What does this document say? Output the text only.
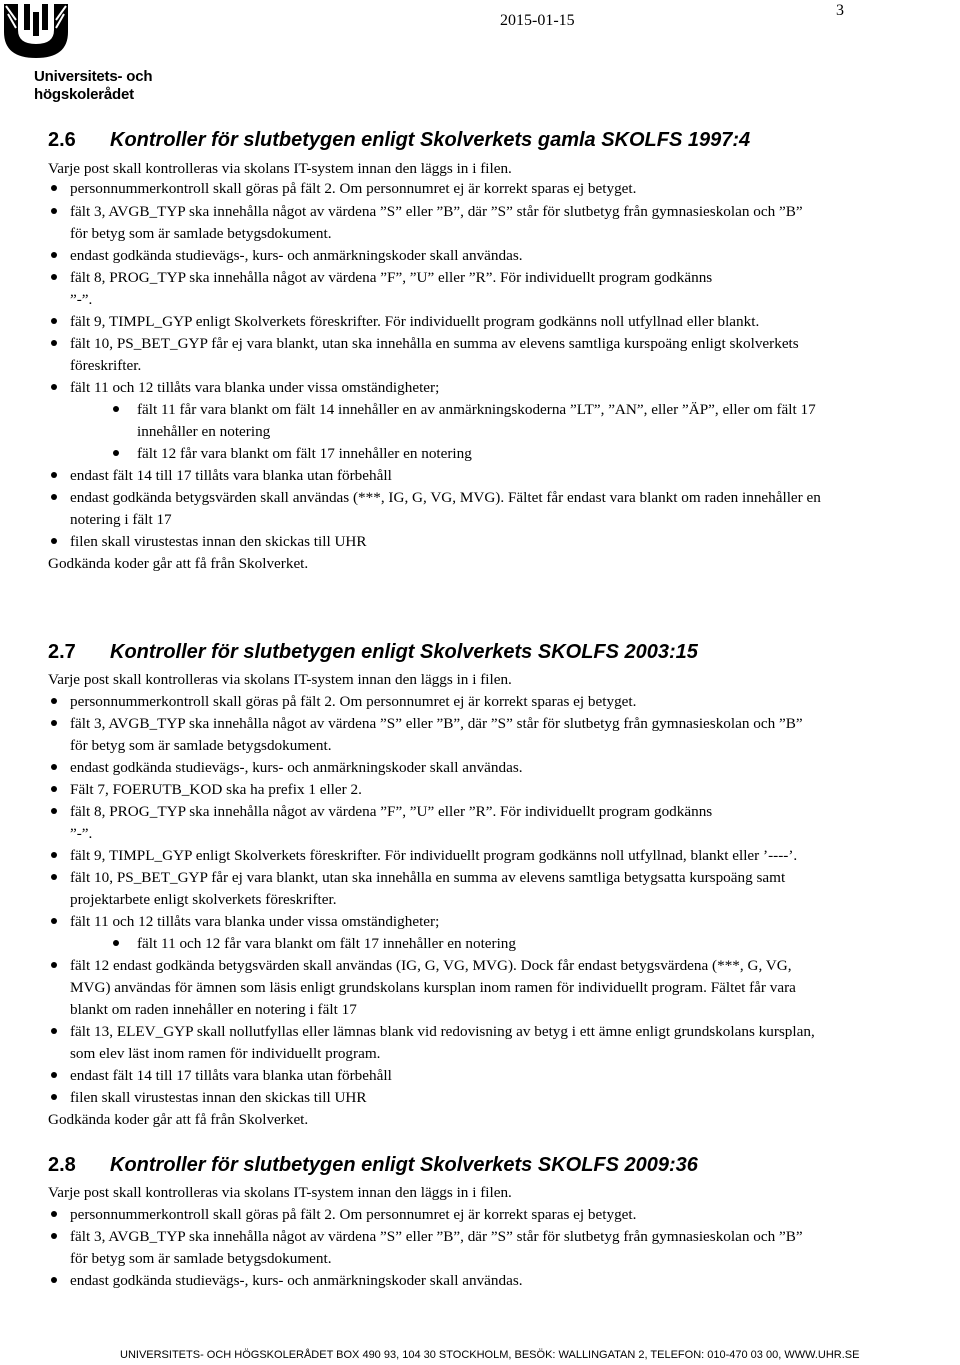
Universitets- och
högskolerådet
2015-01-15
3
2.6 Kontroller för slutbetygen enligt Skolverkets gamla SKOLFS 1997:4
Varje post skall kontrolleras via skolans IT-system innan den läggs in i filen.
personnummerkontroll skall göras på fält 2. Om personnumret ej är korrekt sparas ej betyget.
fält 3, AVGB_TYP ska innehålla något av värdena ”S” eller ”B”, där ”S” står för slutbetyg från gymnasieskolan och ”B”
för betyg som är samlade betygsdokument.
endast godkända studievägs-, kurs- och anmärkningskoder skall användas.
fält 8, PROG_TYP ska innehålla något av värdena ”F”, ”U” eller ”R”. För individuellt program godkänns
”-”.
fält 9, TIMPL_GYP enligt Skolverkets föreskrifter. För individuellt program godkänns noll utfyllnad eller blankt.
fält 10, PS_BET_GYP får ej vara blankt, utan ska innehålla en summa av elevens samtliga kurspoäng enligt skolverkets
föreskrifter.
fält 11 och 12 tillåts vara blanka under vissa omständigheter;
fält 11 får vara blankt om fält 14 innehåller en av anmärkningskoderna ”LT”, ”AN”, eller ”ÄP”, eller om fält 17
innehåller en notering
fält 12 får vara blankt om fält 17 innehåller en notering
endast fält 14 till 17 tillåts vara blanka utan förbehåll
endast godkända betygsvärden skall användas (***, IG, G, VG, MVG). Fältet får endast vara blankt om raden innehåller en
notering i fält 17
filen skall virustestas innan den skickas till UHR
Godkända koder går att få från Skolverket.
2.7 Kontroller för slutbetygen enligt Skolverkets SKOLFS 2003:15
Varje post skall kontrolleras via skolans IT-system innan den läggs in i filen.
personnummerkontroll skall göras på fält 2. Om personnumret ej är korrekt sparas ej betyget.
fält 3, AVGB_TYP ska innehålla något av värdena ”S” eller ”B”, där ”S” står för slutbetyg från gymnasieskolan och ”B”
för betyg som är samlade betygsdokument.
endast godkända studievägs-, kurs- och anmärkningskoder skall användas.
Fält 7, FOERUTB_KOD ska ha prefix 1 eller 2.
fält 8, PROG_TYP ska innehålla något av värdena ”F”, ”U” eller ”R”. För individuellt program godkänns
”-”.
fält 9, TIMPL_GYP enligt Skolverkets föreskrifter. För individuellt program godkänns noll utfyllnad, blankt eller ’----’.
fält 10, PS_BET_GYP får ej vara blankt, utan ska innehålla en summa av elevens samtliga betygsatta kurspoäng samt
projektarbete enligt skolverkets föreskrifter.
fält 11 och 12 tillåts vara blanka under vissa omständigheter;
fält 11 och 12 får vara blankt om fält 17 innehåller en notering
fält 12 endast godkända betygsvärden skall användas (IG, G, VG, MVG). Dock får endast betygsvärdena (***, G, VG,
MVG) användas för ämnen som läsis enligt grundskolans kursplan inom ramen för individuellt program. Fältet får vara
blankt om raden innehåller en notering i fält 17
fält 13, ELEV_GYP skall nollutfyllas eller lämnas blank vid redovisning av betyg i ett ämne enligt grundskolans kursplan,
som elev läst inom ramen för individuellt program.
endast fält 14 till 17 tillåts vara blanka utan förbehåll
filen skall virustestas innan den skickas till UHR
Godkända koder går att få från Skolverket.
2.8 Kontroller för slutbetygen enligt Skolverkets SKOLFS 2009:36
Varje post skall kontrolleras via skolans IT-system innan den läggs in i filen.
personnummerkontroll skall göras på fält 2. Om personnumret ej är korrekt sparas ej betyget.
fält 3, AVGB_TYP ska innehålla något av värdena ”S” eller ”B”, där ”S” står för slutbetyg från gymnasieskolan och ”B”
för betyg som är samlade betygsdokument.
endast godkända studievägs-, kurs- och anmärkningskoder skall användas.
UNIVERSITETS- OCH HÖGSKOLERÅDET BOX 490 93, 104 30 STOCKHOLM, BESÖK: WALLINGATAN 2, TELEFON: 010-470 03 00, WWW.UHR.SE
